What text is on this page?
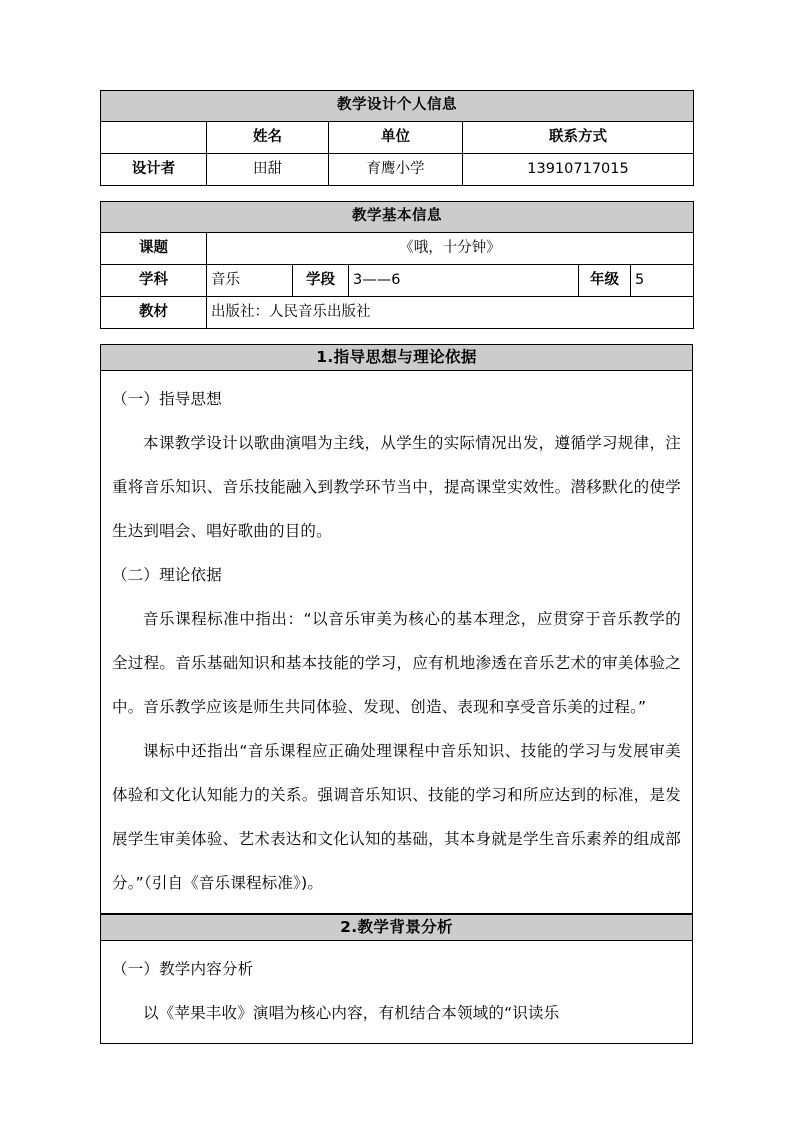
教学设计个人信息			
	姓名	单位	联系方式
设计者	田甜	育鹰小学	13910717015
教学基本信息					
课题	《哦，十分钟》				
学科	音乐	学段	3——6	年级	5
教材	出版社：人民音乐出版社				
1.指导思想与理论依据

（一）指导思想

本课教学设计以歌曲演唱为主线，从学生的实际情况出发，遵循学习规律，注重将音乐知识、音乐技能融入到教学环节当中，提高课堂实效性。潜移默化的使学生达到唱会、唱好歌曲的目的。

（二）理论依据

音乐课程标准中指出：“以音乐审美为核心的基本理念，应贯穿于音乐教学的全过程。音乐基础知识和基本技能的学习，应有机地渗透在音乐艺术的审美体验之中。音乐教学应该是师生共同体验、发现、创造、表现和享受音乐美的过程。”

课标中还指出“音乐课程应正确处理课程中音乐知识、技能的学习与发展审美体验和文化认知能力的关系。强调音乐知识、技能的学习和所应达到的标准，是发展学生审美体验、艺术表达和文化认知的基础，其本身就是学生音乐素养的组成部分。”（引自《音乐课程标准》)。

2.教学背景分析

（一）教学内容分析

以《苹果丰收》演唱为核心内容，有机结合本领域的“识读乐
